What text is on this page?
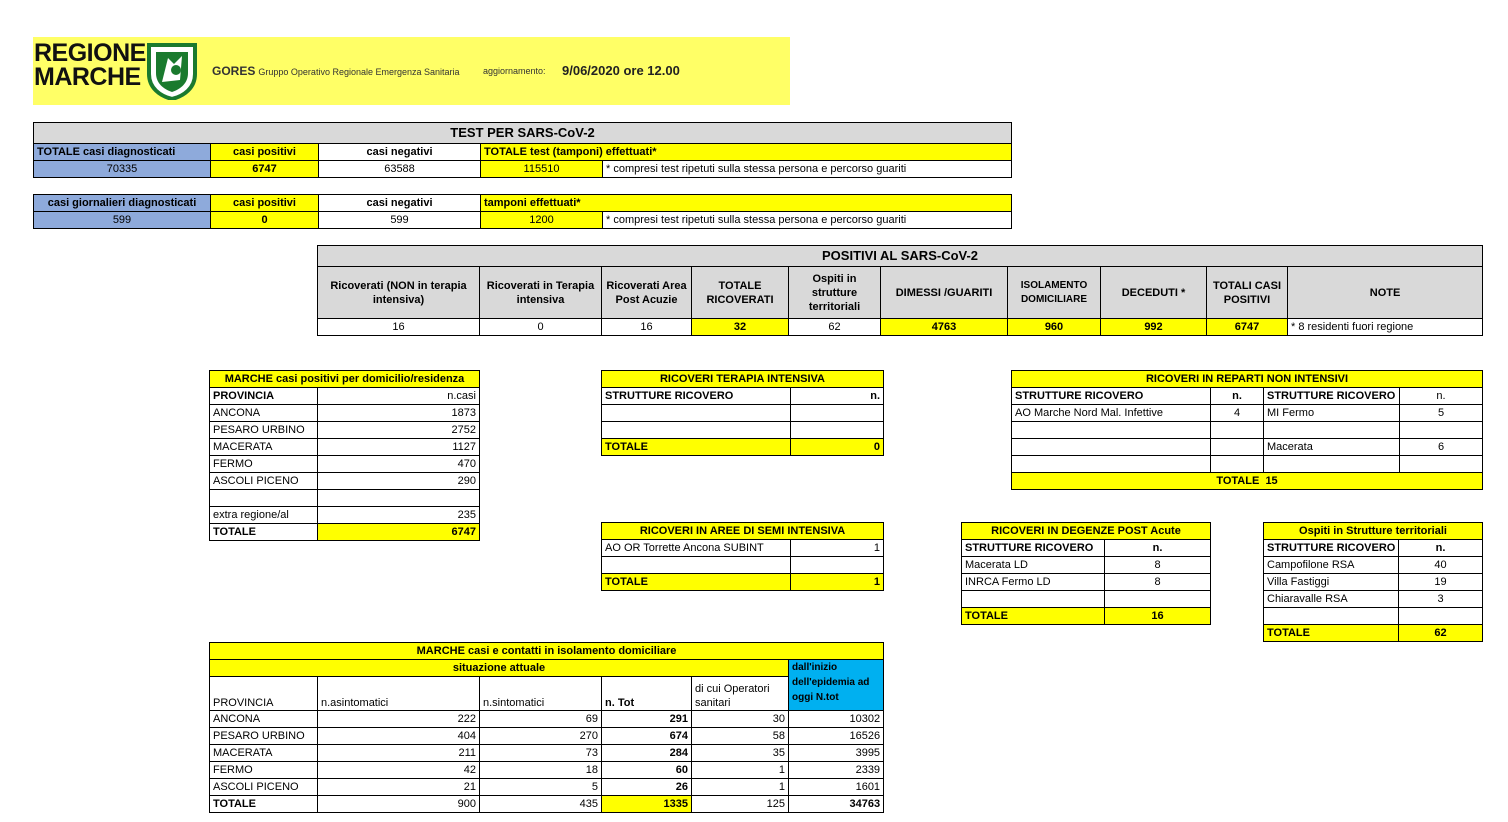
REGIONE
MARCHE	GORES Gruppo Operativo Regionale Emergenza Sanitaria	aggiornamento: 9/06/2020 ore 12.00
TEST PER SARS-CoV-2				
TOTALE casi diagnosticati	casi positivi	casi negativi	TOTALE test (tamponi) effettuati*	
70335	6747	63588	115510	* compresi test ripetuti sulla stessa persona e percorso guariti
casi giornalieri diagnosticati	casi positivi	casi negativi	tamponi effettuati*	
599	0	599	1200	* compresi test ripetuti sulla stessa persona e percorso guariti
POSITIVI AL SARS-CoV-2									
Ricoverati (NON in terapia intensiva)	Ricoverati in Terapia intensiva	Ricoverati Area Post Acuzie	TOTALE RICOVERATI	Ospiti in strutture territoriali	DIMESSI /GUARITI	ISOLAMENTO DOMICILIARE	DECEDUTI *	TOTALI CASI POSITIVI	NOTE
16	0	16	32	62	4763	960	992	6747	* 8 residenti fuori regione
MARCHE casi positivi per domicilio/residenza	
PROVINCIA	n.casi
ANCONA	1873
PESARO URBINO	2752
MACERATA	1127
FERMO	470
ASCOLI PICENO	290

extra regione/al	235
TOTALE	6747
RICOVERI TERAPIA INTENSIVA	
STRUTTURE RICOVERO	n.

TOTALE	0
RICOVERI IN AREE DI SEMI INTENSIVA	
AO OR Torrette Ancona SUBINT	1

TOTALE	1
RICOVERI IN REPARTI NON INTENSIVI			
STRUTTURE RICOVERO	n.	STRUTTURE RICOVERO	n.
AO Marche Nord Mal. Infettive	4	MI Fermo	5

		Macerata	6

TOTALE 15			
RICOVERI IN DEGENZE POST Acute	
STRUTTURE RICOVERO	n.
Macerata LD	8
INRCA Fermo LD	8

TOTALE	16
Ospiti in Strutture territoriali	
STRUTTURE RICOVERO	n.
Campofilone RSA	40
Villa Fastiggi	19
Chiaravalle RSA	3

TOTALE	62
MARCHE casi e contatti in isolamento domiciliare					
situazione attuale					dall'inizio dell'epidemia ad oggi N.tot
PROVINCIA	n.asintomatici	n.sintomatici	n. Tot	di cui Operatori sanitari	
ANCONA	222	69	291	30	10302
PESARO URBINO	404	270	674	58	16526
MACERATA	211	73	284	35	3995
FERMO	42	18	60	1	2339
ASCOLI PICENO	21	5	26	1	1601
TOTALE	900	435	1335	125	34763
